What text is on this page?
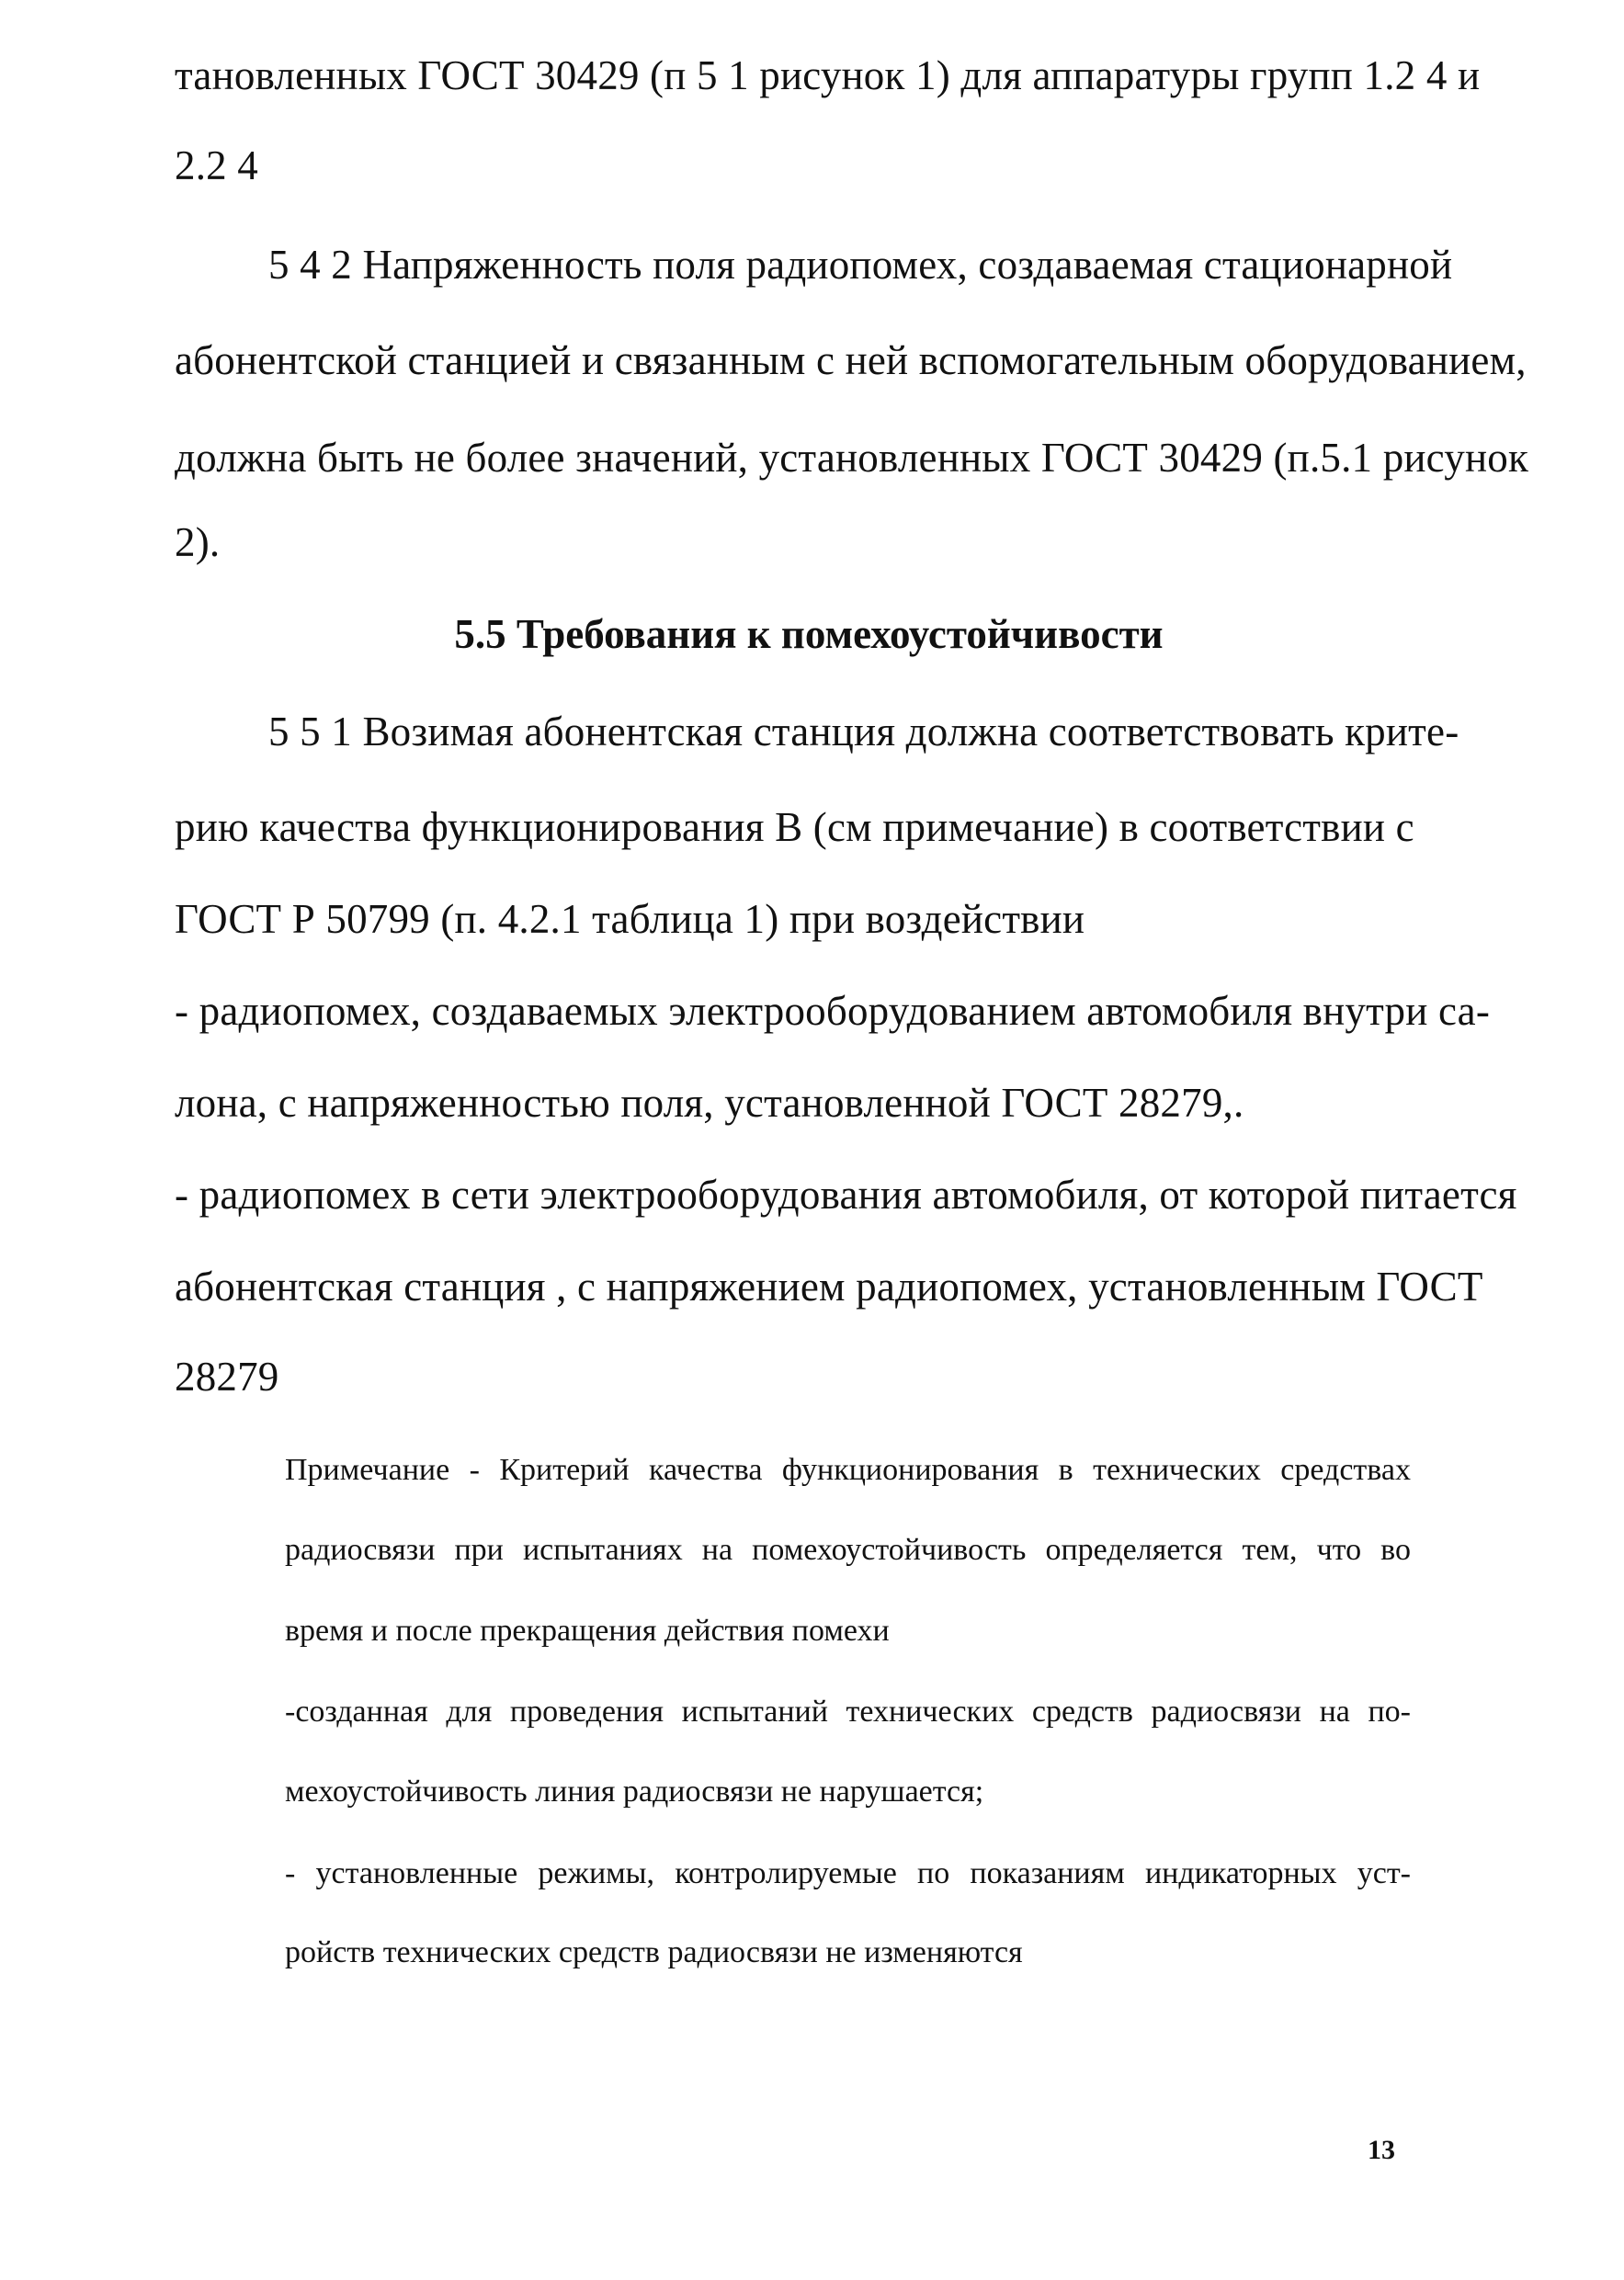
тановленных ГОСТ 30429 (п 5 1 рисунок 1) для аппаратуры групп 1.2 4 и
2.2 4
5 4 2 Напряженность поля радиопомех, создаваемая стационарной
абонентской станцией и связанным с ней вспомогательным оборудованием,
должна быть не более значений, установленных ГОСТ 30429 (п.5.1 рисунок
2).
5.5 Требования к помехоустойчивости
5 5 1 Возимая абонентская станция должна соответствовать крите-
рию качества функционирования В (см примечание) в соответствии с
ГОСТ Р 50799 (п. 4.2.1 таблица 1) при воздействии
- радиопомех, создаваемых электрооборудованием автомобиля внутри са-
лона, с напряженностью поля, установленной ГОСТ 28279,.
- радиопомех в сети электрооборудования автомобиля, от которой питается
абонентская станция , с напряжением радиопомех, установленным ГОСТ
28279
Примечание - Критерий качества функционирования в технических средствах
радиосвязи при испытаниях на помехоустойчивость определяется тем, что во
время и после прекращения действия помехи
-созданная для проведения испытаний технических средств радиосвязи на по-
мехоустойчивость линия радиосвязи не нарушается;
- установленные режимы, контролируемые по показаниям индикаторных уст-
ройств технических средств радиосвязи не изменяются
13
